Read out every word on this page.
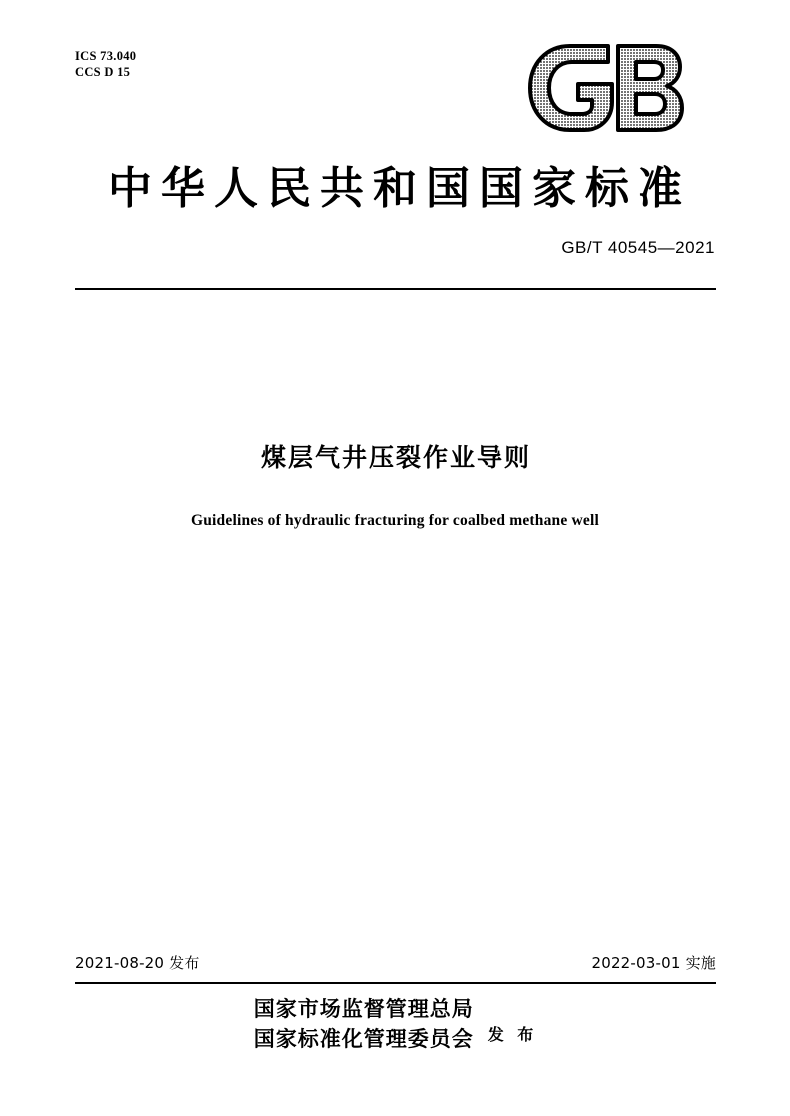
ICS 73.040
CCS D 15
中华人民共和国国家标准
GB/T 40545—2021
煤层气井压裂作业导则
Guidelines of hydraulic fracturing for coalbed methane well
2021-08-20 发布	2022-03-01 实施
国家市场监督管理总局
国家标准化管理委员会 发 布
